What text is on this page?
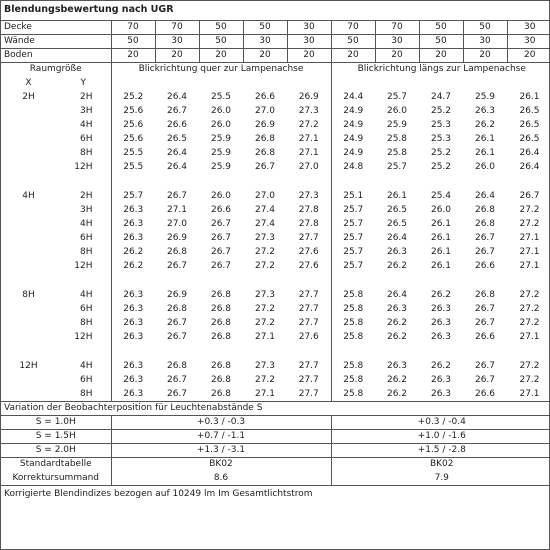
Blendungsbewertung nach UGR											
Decke		70	70	50	50	30	70	70	50	50	30
Wände		50	30	50	30	30	50	30	50	30	30
Boden		20	20	20	20	20	20	20	20	20	20
Raumgröße		Blickrichtung quer zur Lampenachse					Blickrichtung längs zur Lampenachse				
X	Y										
2H	2H	25.2	26.4	25.5	26.6	26.9	24.4	25.7	24.7	25.9	26.1
	3H	25.6	26.7	26.0	27.0	27.3	24.9	26.0	25.2	26.3	26.5
	4H	25.6	26.6	26.0	26.9	27.2	24.9	25.9	25.3	26.2	26.5
	6H	25.6	26.5	25.9	26.8	27.1	24.9	25.8	25.3	26.1	26.5
	8H	25.5	26.4	25.9	26.8	27.1	24.9	25.8	25.2	26.1	26.4
	12H	25.5	26.4	25.9	26.7	27.0	24.8	25.7	25.2	26.0	26.4

4H	2H	25.7	26.7	26.0	27.0	27.3	25.1	26.1	25.4	26.4	26.7
	3H	26.3	27.1	26.6	27.4	27.8	25.7	26.5	26.0	26.8	27.2
	4H	26.3	27.0	26.7	27.4	27.8	25.7	26.5	26.1	26.8	27.2
	6H	26.3	26.9	26.7	27.3	27.7	25.7	26.4	26.1	26.7	27.1
	8H	26.2	26.8	26.7	27.2	27.6	25.7	26.3	26.1	26.7	27.1
	12H	26.2	26.7	26.7	27.2	27.6	25.7	26.2	26.1	26.6	27.1

8H	4H	26.3	26.9	26.8	27.3	27.7	25.8	26.4	26.2	26.8	27.2
	6H	26.3	26.8	26.8	27.2	27.7	25.8	26.3	26.3	26.7	27.2
	8H	26.3	26.7	26.8	27.2	27.7	25.8	26.2	26.3	26.7	27.2
	12H	26.3	26.7	26.8	27.1	27.6	25.8	26.2	26.3	26.6	27.1

12H	4H	26.3	26.8	26.8	27.3	27.7	25.8	26.3	26.2	26.7	27.2
	6H	26.3	26.7	26.8	27.2	27.7	25.8	26.2	26.3	26.7	27.2
	8H	26.3	26.7	26.8	27.1	27.7	25.8	26.2	26.3	26.6	27.1
Variation der Beobachterposition für Leuchtenabstände S											
S = 1.0H		+0.3 / -0.3					+0.3 / -0.4				
S = 1.5H		+0.7 / -1.1					+1.0 / -1.6				
S = 2.0H		+1.3 / -3.1					+1.5 / -2.8				
Standardtabelle		BK02					BK02				
Korrektursummand		8.6					7.9				
Korrigierte Blendindizes bezogen auf 10249 lm Im Gesamtlichtstrom											
